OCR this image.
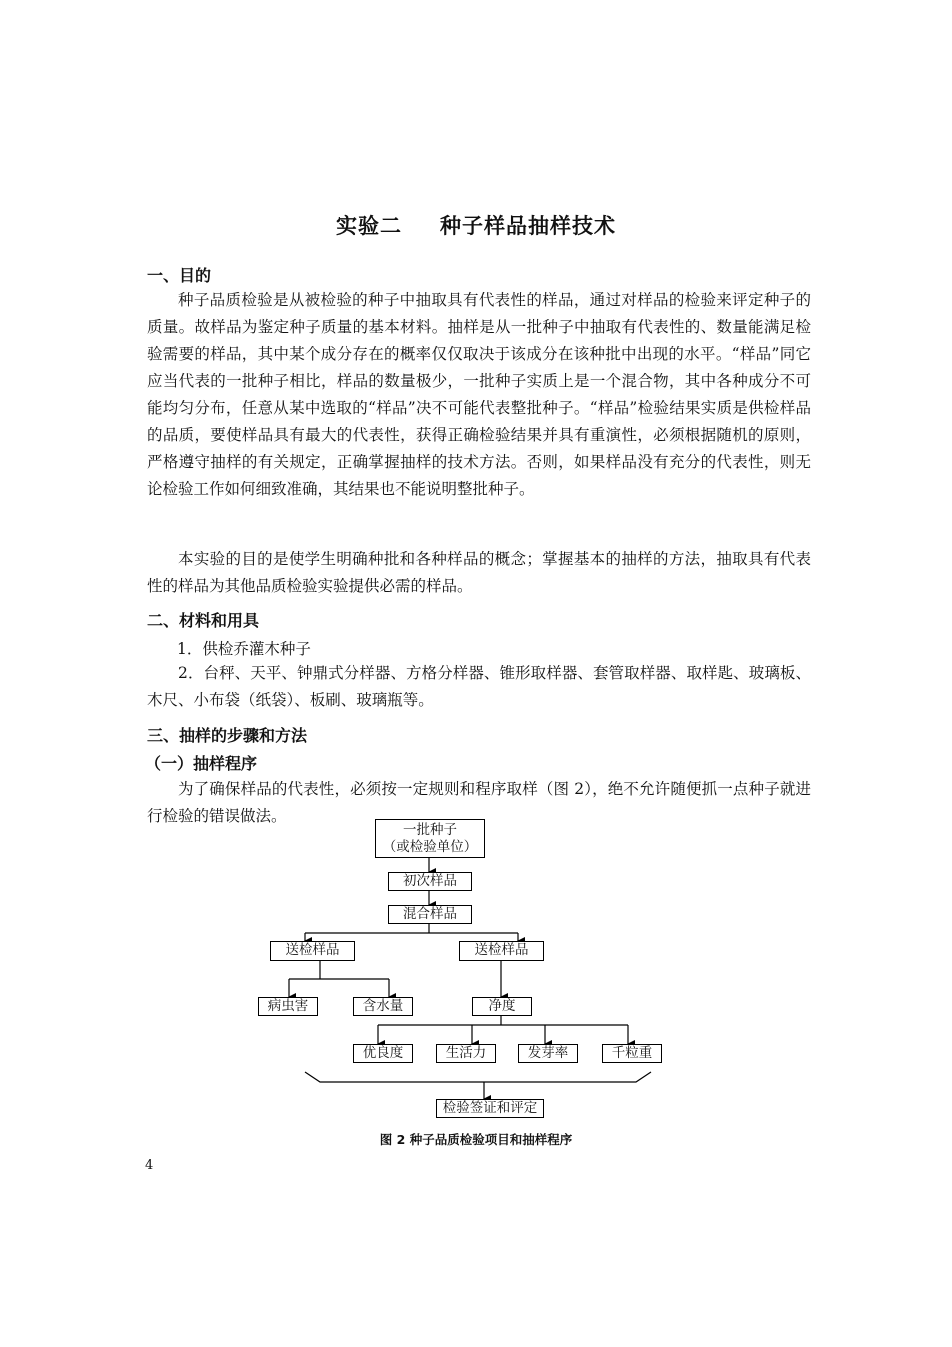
实验二 种子样品抽样技术
一、目的

种子品质检验是从被检验的种子中抽取具有代表性的样品，通过对样品的检验来评定种子的质量。故样品为鉴定种子质量的基本材料。抽样是从一批种子中抽取有代表性的、数量能满足检验需要的样品，其中某个成分存在的概率仅仅取决于该成分在该种批中出现的水平。“样品”同它应当代表的一批种子相比，样品的数量极少，一批种子实质上是一个混合物，其中各种成分不可能均匀分布，任意从某中选取的“样品”决不可能代表整批种子。“样品”检验结果实质是供检样品的品质，要使样品具有最大的代表性，获得正确检验结果并具有重演性，必须根据随机的原则，严格遵守抽样的有关规定，正确掌握抽样的技术方法。否则，如果样品没有充分的代表性，则无论检验工作如何细致准确，其结果也不能说明整批种子。

本实验的目的是使学生明确种批和各种样品的概念；掌握基本的抽样的方法，抽取具有代表性的样品为其他品质检验实验提供必需的样品。

二、材料和用具
1．供检乔灌木种子

2．台秤、天平、钟鼎式分样器、方格分样器、锥形取样器、套管取样器、取样匙、玻璃板、木尺、小布袋（纸袋）、板刷、玻璃瓶等。

三、抽样的步骤和方法
（一）抽样程序

为了确保样品的代表性，必须按一定规则和程序取样（图 2），绝不允许随便抓一点种子就进行检验的错误做法。

一批种子
（或检验单位）
初次样品
混合样品
送检样品	送检样品
病虫害	含水量	净度
优良度	生活力	发芽率	千粒重
检验签证和评定
图 2 种子品质检验项目和抽样程序
4
